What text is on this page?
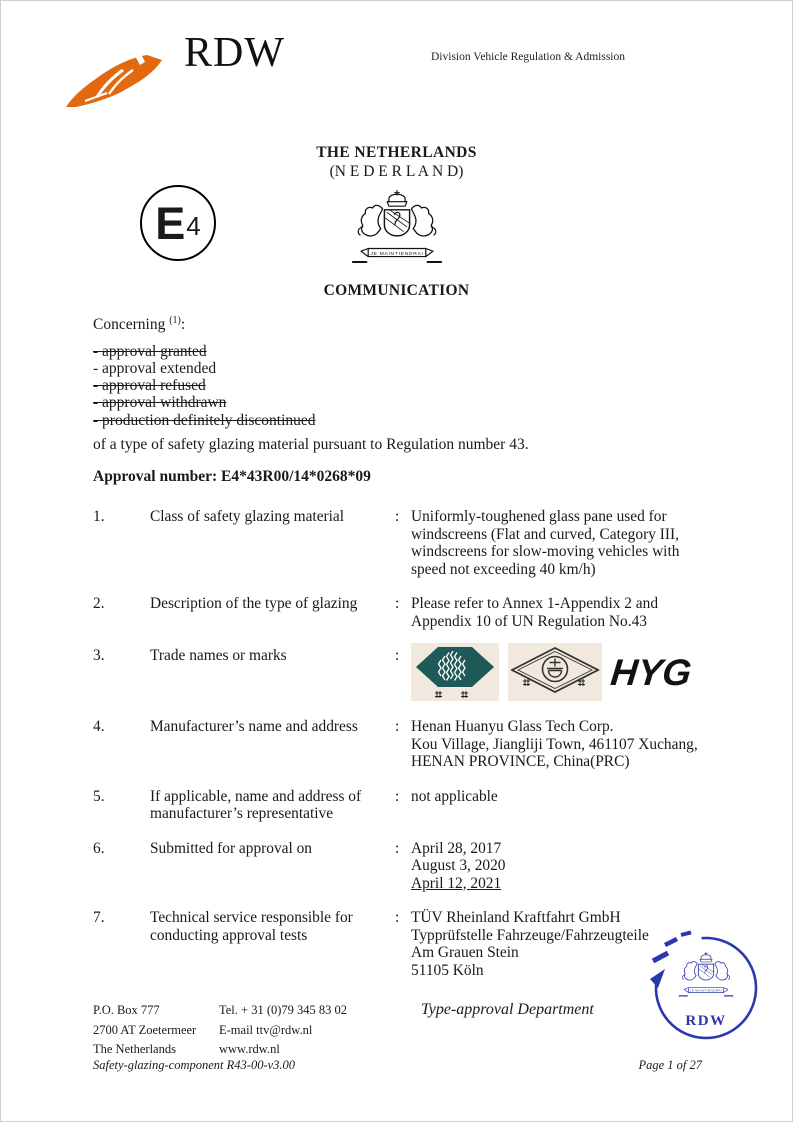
RDW	Division Vehicle Regulation & Admission
E 4
THE NETHERLANDS
(N E D E R L A N D)
COMMUNICATION
Concerning $^{(1)}$:
- approval granted
- approval extended
- approval refused
- approval withdrawn
- production definitely discontinued
of a type of safety glazing material pursuant to Regulation number 43.
Approval number: E4*43R00/14*0268*09
1.	Class of safety glazing material	: Uniformly-toughened glass pane used for
windscreens (Flat and curved, Category III,
windscreens for slow-moving vehicles with
speed not exceeding 40 km/h)
2.	Description of the type of glazing	: Please refer to Annex 1-Appendix 2 and
Appendix 10 of UN Regulation No.43
3.	Trade names or marks	:	HYG
4.	Manufacturer’s name and address	: Henan Huanyu Glass Tech Corp.
Kou Village, Jiangliji Town, 461107 Xuchang,
HENAN PROVINCE, China(PRC)
5.	If applicable, name and address of manufacturer’s representative
: not applicable
6.	Submitted for approval on	: April 28, 2017
August 3, 2020
April 12, 2021
7.	Technical service responsible for conducting approval tests
: TÜV Rheinland Kraftfahrt GmbH
Typprüfstelle Fahrzeuge/Fahrzeugteile
Am Grauen Stein
51105 Köln
P.O. Box 777
2700 AT Zoetermeer
The Netherlands
Tel. + 31 (0)79 345 83 02
E-mail ttv@rdw.nl
www.rdw.nl
Type-approval Department
RDW
Safety-glazing-component R43-00-v3.00	Page 1 of 27
